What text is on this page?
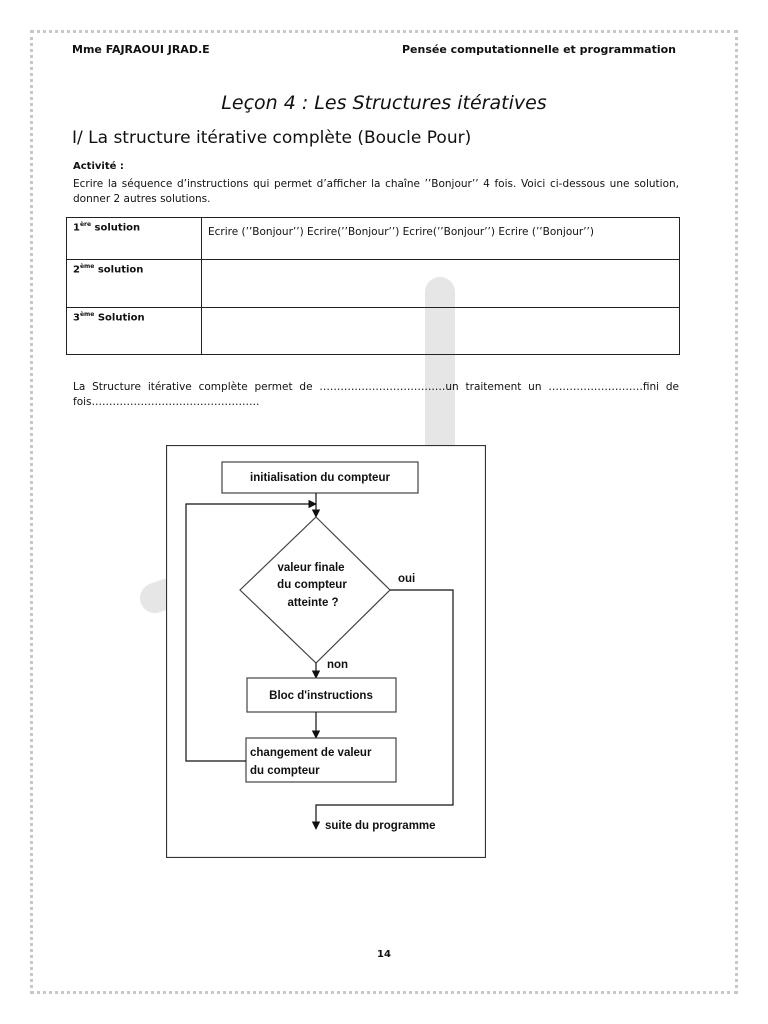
Mme FAJRAOUI JRAD.E	Pensée computationnelle et programmation
Leçon 4 : Les Structures itératives
I/ La structure itérative complète (Boucle Pour)
Activité :
Ecrire la séquence d’instructions qui permet d’afficher la chaîne ’’Bonjour’’ 4 fois. Voici ci-dessous une solution, donner 2 autres solutions.
1ère solution	Ecrire (’’Bonjour’’) Ecrire(’’Bonjour’’) Ecrire(’’Bonjour’’) Ecrire (’’Bonjour’’)
2ème solution	
3ème Solution	
La Structure itérative complète permet de ………………………………un traitement un ………………………fini de fois…………………………………………
initialisation du compteur
valeur finale
du compteur
atteinte ?
oui
suite du programme
non
Bloc d'instructions
changement de valeur
du compteur
14
